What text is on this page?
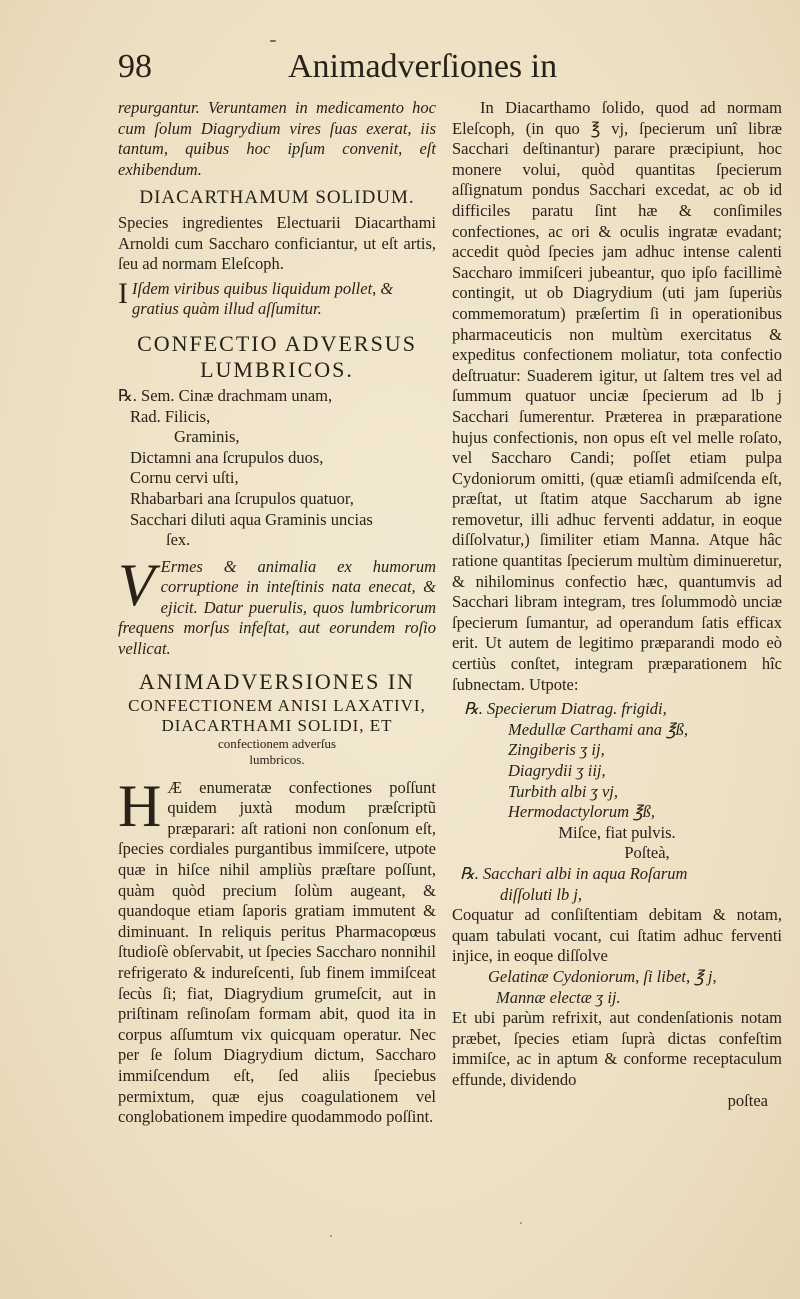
98	Animadverſiones in

repurgantur. Veruntamen in medicamento hoc cum ſolum Diagrydium vires ſuas exerat, iis tantum, quibus hoc ipſum convenit, eſt exhibendum.

DIACARTHAMUM SOLIDUM.

Species ingredientes Electuarii Diacarthami Arnoldi cum Saccharo conficiantur, ut eſt artis, ſeu ad normam Eleſcoph.

I Iſdem viribus quibus liquidum pollet, & gratius quàm illud aſſumitur.

CONFECTIO ADVERSUS

LUMBRICOS.

℞. Sem. Cinæ drachmam unam,

Rad. Filicis,

Graminis,

Dictamni ana ſcrupulos duos,

Cornu cervi uſti,

Rhabarbari ana ſcrupulos quatuor,

Sacchari diluti aqua Graminis uncias

ſex.

V Ermes & animalia ex humorum corruptione in inteſtinis nata enecat, & ejicit. Datur puerulis, quos lumbricorum frequens morſus infeſtat, aut eorundem roſio vellicat.

ANIMADVERSIONES IN

CONFECTIONEM ANISI LAXATIVI, DIACARTHAMI SOLIDI, ET

confectionem adverſus lumbricos.

H Æ enumeratæ confectiones poſſunt quidem juxtà modum præſcriptũ præparari: aſt rationi non conſonum eſt, ſpecies cordiales purgantibus immiſcere, utpote quæ in hiſce nihil ampliùs præſtare poſſunt, quàm quòd precium ſolùm augeant, & quandoque etiam ſaporis gratiam immutent & diminuant. In reliquis peritus Pharmacopœus ſtudioſè obſervabit, ut ſpecies Saccharo nonnihil refrigerato & indureſcenti, ſub finem immiſceat ſecùs ſi; fiat, Diagrydium grumeſcit, aut in priſtinam reſinoſam formam abit, quod ita in corpus aſſumtum vix quicquam operatur. Nec per ſe ſolum Diagrydium dictum, Saccharo immiſcendum eſt, ſed aliis ſpeciebus permixtum, quæ ejus coagulationem vel conglobationem impedire quodammodo poſſint.

In Diacarthamo ſolido, quod ad normam Eleſcoph, (in quo ℥ vj, ſpecierum unî libræ Sacchari deſtinantur) parare præcipiunt, hoc monere volui, quòd quantitas ſpecierum aſſignatum pondus Sacchari excedat, ac ob id difficiles paratu ſint hæ & conſimiles confectiones, ac ori & oculis ingratæ evadant; accedit quòd ſpecies jam adhuc intense calenti Saccharo immiſceri jubeantur, quo ipſo facillimè contingit, ut ob Diagrydium (uti jam ſuperiùs commemoratum) præſertim ſi in operationibus pharmaceuticis non multùm exercitatus & expeditus confectionem moliatur, tota confectio deſtruatur: Suaderem igitur, ut ſaltem tres vel ad ſummum quatuor unciæ ſpecierum ad lb j Sacchari ſumerentur. Præterea in præparatione hujus confectionis, non opus eſt vel melle roſato, vel Saccharo Candi; poſſet etiam pulpa Cydoniorum omitti, (quæ etiamſi admiſcenda eſt, præſtat, ut ſtatim atque Saccharum ab igne removetur, illi adhuc ferventi addatur, in eoque diſſolvatur,) ſimiliter etiam Manna. Atque hâc ratione quantitas ſpecierum multùm diminueretur, & nihilominus confectio hæc, quantumvis ad Sacchari libram integram, tres ſolummodò unciæ ſpecierum ſumantur, ad operandum ſatis efficax erit. Ut autem de legitimo præparandi modo eò certiùs conſtet, integram præparationem hîc ſubnectam. Utpote:

℞. Specierum Diatrag. frigidi,

Medullæ Carthami ana ℥ß,

Zingiberis ʒ ij,

Diagrydii ʒ iij,

Turbith albi ʒ vj,

Hermodactylorum ℥ß,

Miſce, fiat pulvis.

Poſteà,

℞. Sacchari albi in aqua Roſarum

diſſoluti lb j,

Coquatur ad conſiſtentiam debitam & notam, quam tabulati vocant, cui ſtatim adhuc ferventi injice, in eoque diſſolve

Gelatinæ Cydoniorum, ſi libet, ℥ j,

Mannæ electæ ʒ ij.

Et ubi parùm refrixit, aut condenſationis notam præbet, ſpecies etiam ſuprà dictas confeſtim immiſce, ac in aptum & conforme receptaculum effunde, dividendo

poſtea
